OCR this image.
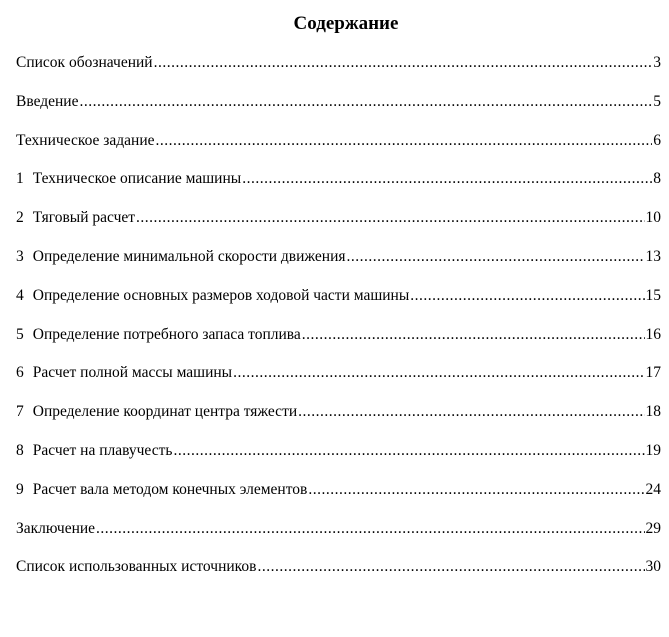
Содержание
Список обозначений .....	3
Введение .....	5
Техническое задание .....	6
1 Техническое описание машины .....	8
2 Тяговый расчет .....	10
3 Определение минимальной скорости движения .....	13
4 Определение основных размеров ходовой части машины .....	15
5 Определение потребного запаса топлива .....	16
6 Расчет полной массы машины .....	17
7 Определение координат центра тяжести .....	18
8 Расчет на плавучесть .....	19
9 Расчет вала методом конечных элементов .....	24
Заключение .....	29
Список использованных источников .....	30
